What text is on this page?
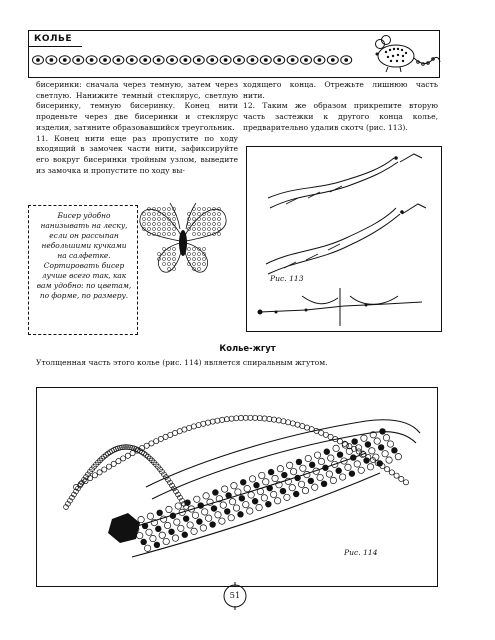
КОЛЬЕ

бисеринки: сначала через темную, затем через светлую. Нанижите темный стеклярус, светлую бисеринку, темную бисеринку. Конец нити проденьте через две бисеринки и стеклярус изделия, затяните образовавшийся треугольник.

11. Конец нити еще раз пропустите по ходу входящий в замочек части нити, зафиксируйте его вокруг бисеринки тройным узлом, выведите из замочка и пропустите по ходу вы-

ходящего конца. Отрежьте лишнюю часть нити.

12. Таким же образом прикрепите вторую часть застежки к другого конца колье, предварительно удалив скотч (рис. 113).

Бисер удобно нанизывать на леску, если он рассыпан небольшими кучками на салфетке.

Сортировать бисер лучше всего так, как вам удобно: по цветам, по форме, по размеру.

Рис. 113
Колье-жгут
Утолщенная часть этого колье (рис. 114) является спиральным жгутом.
Рис. 114
51
